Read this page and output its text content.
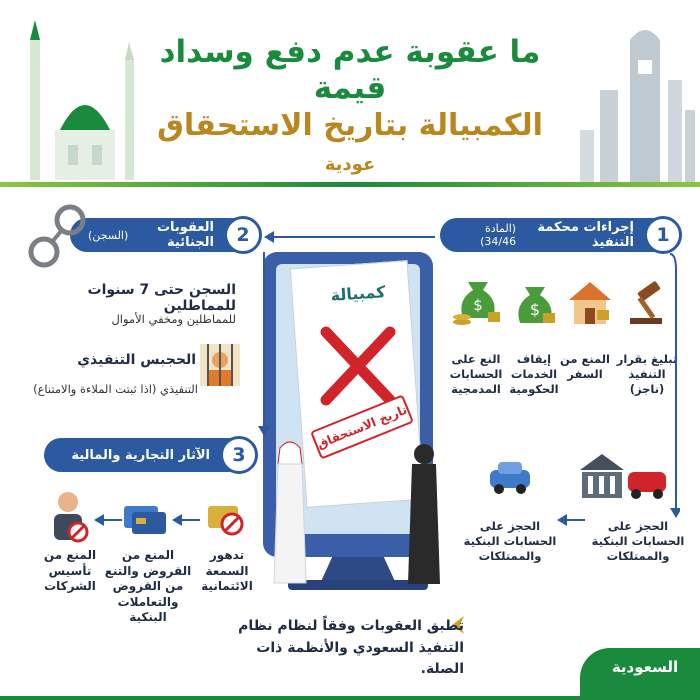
ما عقوبة عدم دفع وسداد قيمة
الكمبيالة بتاريخ الاستحقاق عودية
1
إجراءات محكمة التنفيذ
(المادة 34/46)
$
$
تبليغ بقرار التنفيذ (ناجز)
المنع من السفر
إيقاف الخدمات الحكومية
النع على الحسابات المدمجية
الحجز على الحسابات البنكية والممتلكات
الحجز على الحسابات البنكية والممتلكات
2
العقوبات الجنائية
(السجن)
السجن حتى 7 سنوات للمماطلين
للمماطلين ومخفي الأموال
الحجبس التنفيذي
التنفيذي (اذا ثبتت الملاءة والامتناع)
3
الآثار التجارية والمالية
تدهور السمعة الائتمانية
المنع من القروض والتنع من القروض والتعاملات البنكية
المنع من تأسيس الشركات
كمبيالة
تاريخ الاستحقاق
تطبق العقوبات وفقاً لنظام نظام التنفيذ السعودي والأنظمة ذات الصلة.	السعودية
